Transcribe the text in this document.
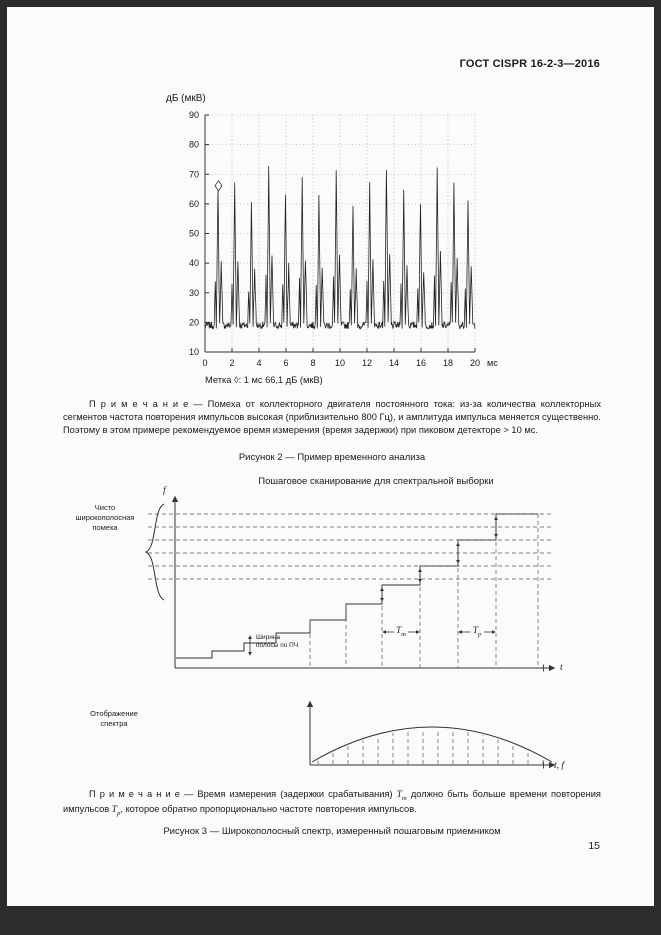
ГОСТ CISPR 16-2-3—2016
10
20
30
40
50
60
70
80
90
0 2 4 6 8 10 12 14 16 18 20 мс
дБ (мкВ)
Метка ◊: 1 мс 66,1 дБ (мкВ)

П р и м е ч а н и е — Помеха от коллекторного двигателя постоянного тока: из-за количества коллекторных сегментов частота повторения импульсов высокая (приблизительно 800 Гц), и амплитуда импульса меняется существенно. Поэтому в этом примере рекомендуемое время измерения (время задержки) при пиковом детекторе > 10 мс.

Рисунок 2 — Пример временного анализа
Пошаговое сканирование для спектральной выборки
Чисто широкополосная помеха
Ширина полосы по ПЧ
Отображение спектра
f
t
t, f
$T_m$	$T_p$

П р и м е ч а н и е — Время измерения (задержки срабатывания) $T_m$ должно быть больше времени повторения импульсов $T_p$, которое обратно пропорционально частоте повторения импульсов.

Рисунок 3 — Широкополосный спектр, измеренный пошаговым приемником
15
